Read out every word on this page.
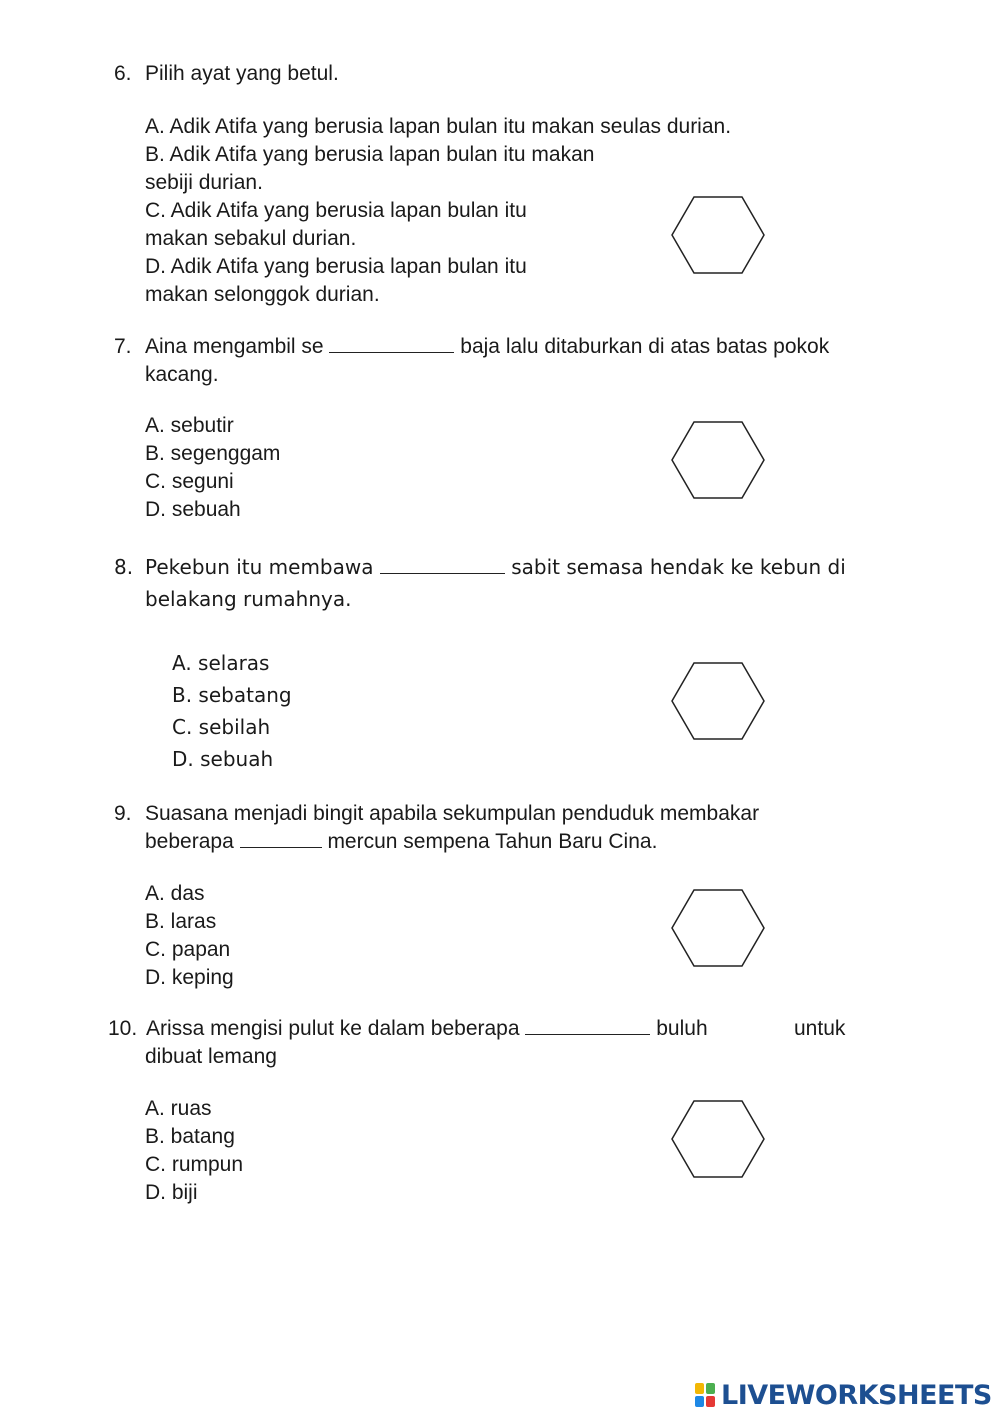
6. Pilih ayat yang betul.
A. Adik Atifa yang berusia lapan bulan itu makan seulas durian.
B. Adik Atifa yang berusia lapan bulan itu makan
sebiji durian.
C. Adik Atifa yang berusia lapan bulan itu
makan sebakul durian.
D. Adik Atifa yang berusia lapan bulan itu
makan selonggok durian.
7. Aina mengambil se	baja lalu ditaburkan di atas batas pokok
kacang.
A. sebutir
B. segenggam
C. seguni
D. sebuah
8. Pekebun itu membawa	sabit semasa hendak ke kebun di
belakang rumahnya.
A. selaras
B. sebatang
C. sebilah
D. sebuah
9. Suasana menjadi bingit apabila sekumpulan penduduk membakar
beberapa	mercun sempena Tahun Baru Cina.
A. das
B. laras
C. papan
D. keping
10. Arissa mengisi pulut ke dalam beberapa	buluh	untuk
dibuat lemang
A. ruas
B. batang
C. rumpun
D. biji
LIVEWORKSHEETS
